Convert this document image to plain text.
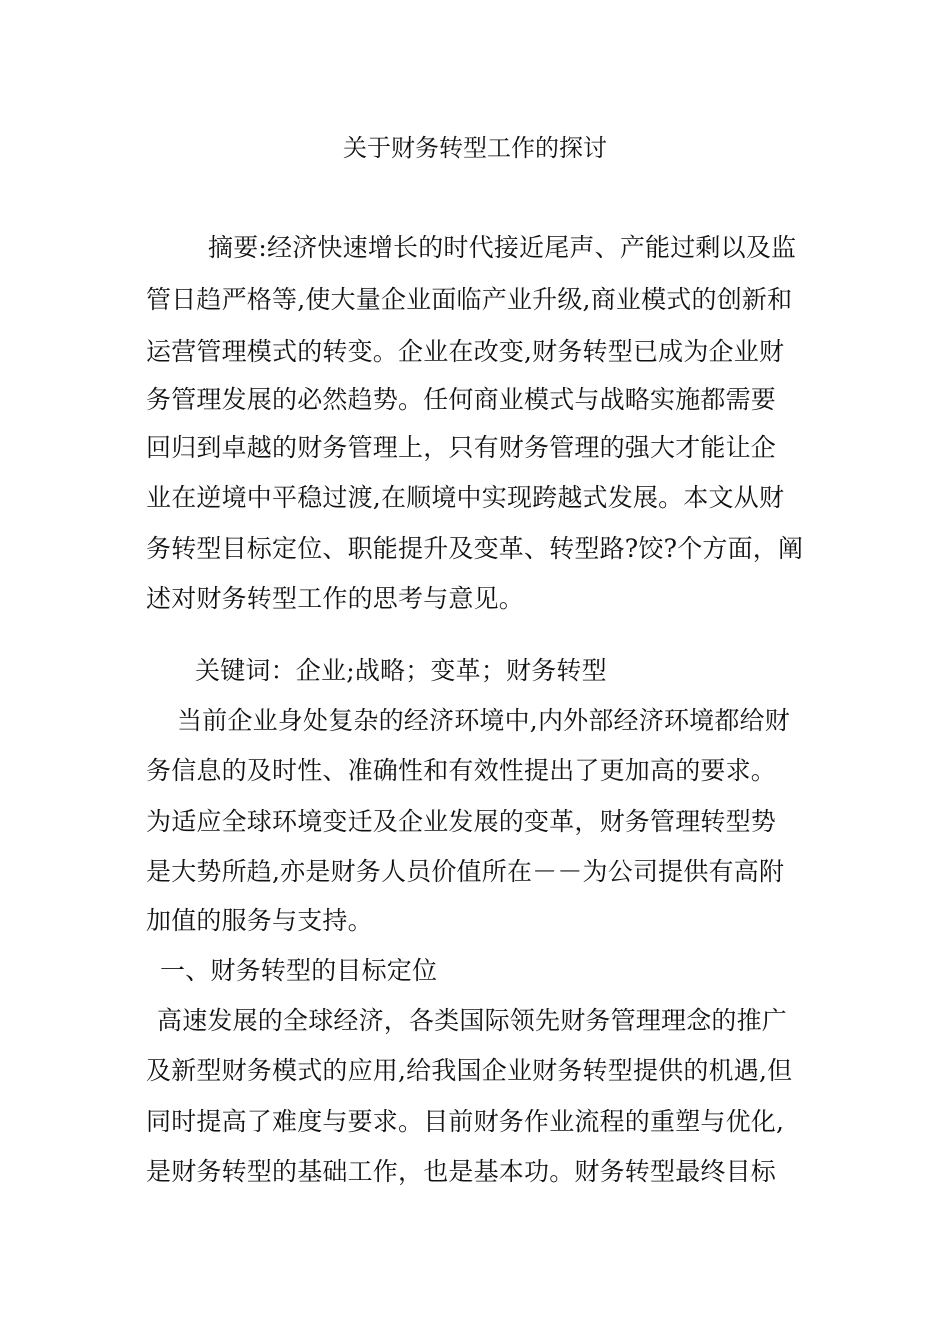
关于财务转型工作的探讨
摘要:经济快速增长的时代接近尾声、产能过剩以及监
管日趋严格等,使大量企业面临产业升级,商业模式的创新和
运营管理模式的转变。企业在改变,财务转型已成为企业财
务管理发展的必然趋势。任何商业模式与战略实施都需要
回归到卓越的财务管理上，只有财务管理的强大才能让企
业在逆境中平稳过渡,在顺境中实现跨越式发展。本文从财
务转型目标定位、职能提升及变革、转型路?饺?个方面，阐
述对财务转型工作的思考与意见。
关键词：企业;战略；变革；财务转型
当前企业身处复杂的经济环境中,内外部经济环境都给财
务信息的及时性、准确性和有效性提出了更加高的要求。
为适应全球环境变迁及企业发展的变革，财务管理转型势
是大势所趋,亦是财务人员价值所在－－为公司提供有高附
加值的服务与支持。
一、财务转型的目标定位
高速发展的全球经济，各类国际领先财务管理理念的推广
及新型财务模式的应用,给我国企业财务转型提供的机遇,但
同时提高了难度与要求。目前财务作业流程的重塑与优化,
是财务转型的基础工作，也是基本功。财务转型最终目标
